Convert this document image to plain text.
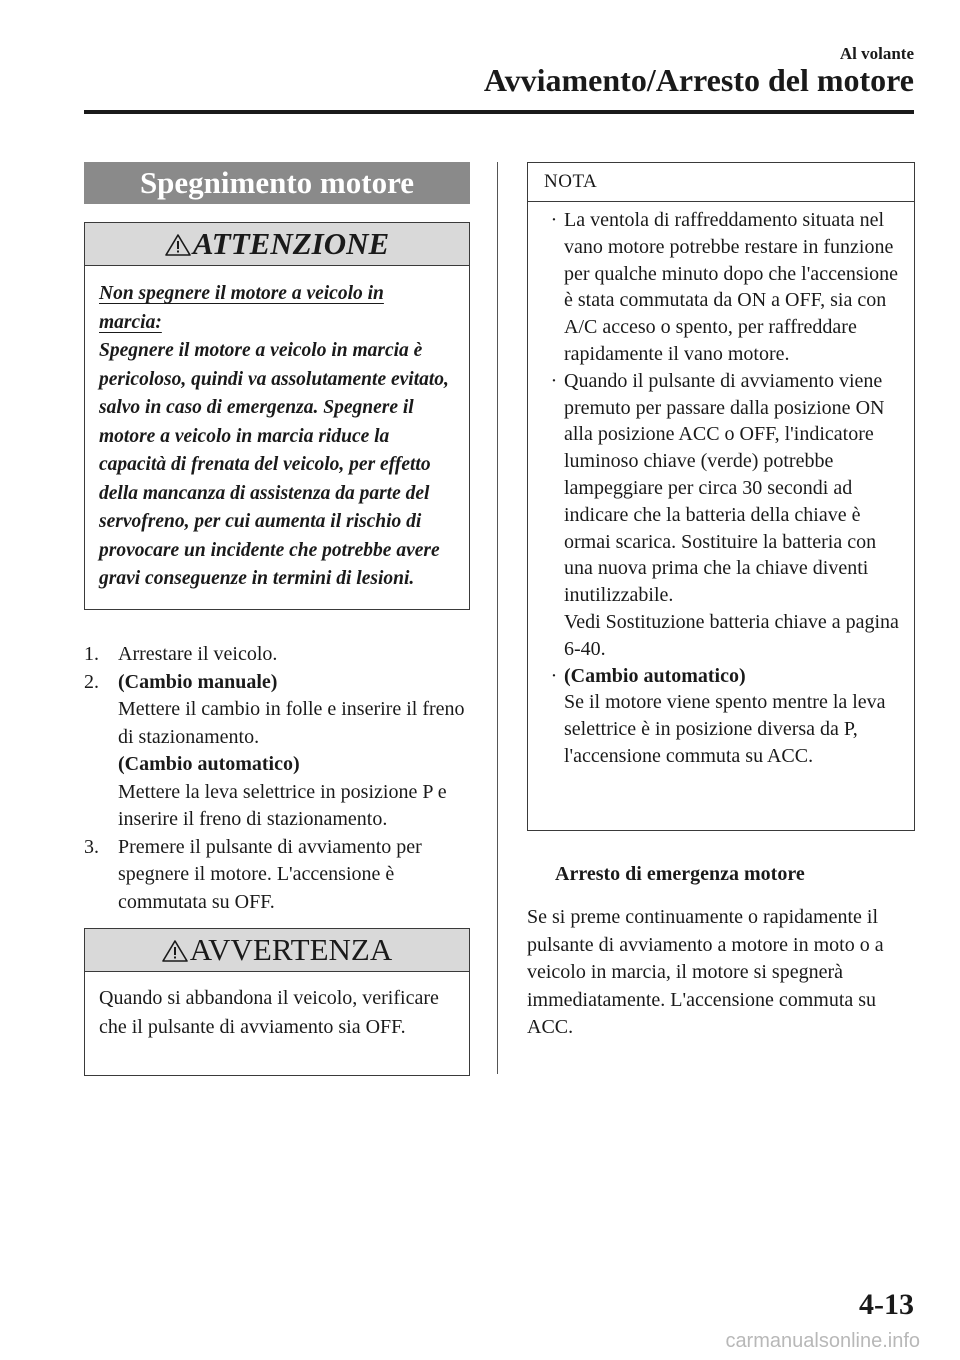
Al volante
Avviamento/Arresto del motore
Spegnimento motore
ATTENZIONE
Non spegnere il motore a veicolo in marcia:
Spegnere il motore a veicolo in marcia è pericoloso, quindi va assolutamente evitato, salvo in caso di emergenza. Spegnere il motore a veicolo in marcia riduce la capacità di frenata del veicolo, per effetto della mancanza di assistenza da parte del servofreno, per cui aumenta il rischio di provocare un incidente che potrebbe avere gravi conseguenze in termini di lesioni.
1. Arrestare il veicolo.
2. (Cambio manuale)
Mettere il cambio in folle e inserire il freno di stazionamento.
(Cambio automatico)
Mettere la leva selettrice in posizione P e inserire il freno di stazionamento.
3. Premere il pulsante di avviamento per spegnere il motore. L'accensione è commutata su OFF.
AVVERTENZA
Quando si abbandona il veicolo, verificare che il pulsante di avviamento sia OFF.
NOTA
· La ventola di raffreddamento situata nel vano motore potrebbe restare in funzione per qualche minuto dopo che l'accensione è stata commutata da ON a OFF, sia con A/C acceso o spento, per raffreddare rapidamente il vano motore.
· Quando il pulsante di avviamento viene premuto per passare dalla posizione ON alla posizione ACC o OFF, l'indicatore luminoso chiave (verde) potrebbe lampeggiare per circa 30 secondi ad indicare che la batteria della chiave è ormai scarica. Sostituire la batteria con una nuova prima che la chiave diventi inutilizzabile.
Vedi Sostituzione batteria chiave a pagina 6-40.
· (Cambio automatico)
Se il motore viene spento mentre la leva selettrice è in posizione diversa da P, l'accensione commuta su ACC.
Arresto di emergenza motore
Se si preme continuamente o rapidamente il pulsante di avviamento a motore in moto o a veicolo in marcia, il motore si spegnerà immediatamente. L'accensione commuta su ACC.
4-13
carmanualsonline.info
